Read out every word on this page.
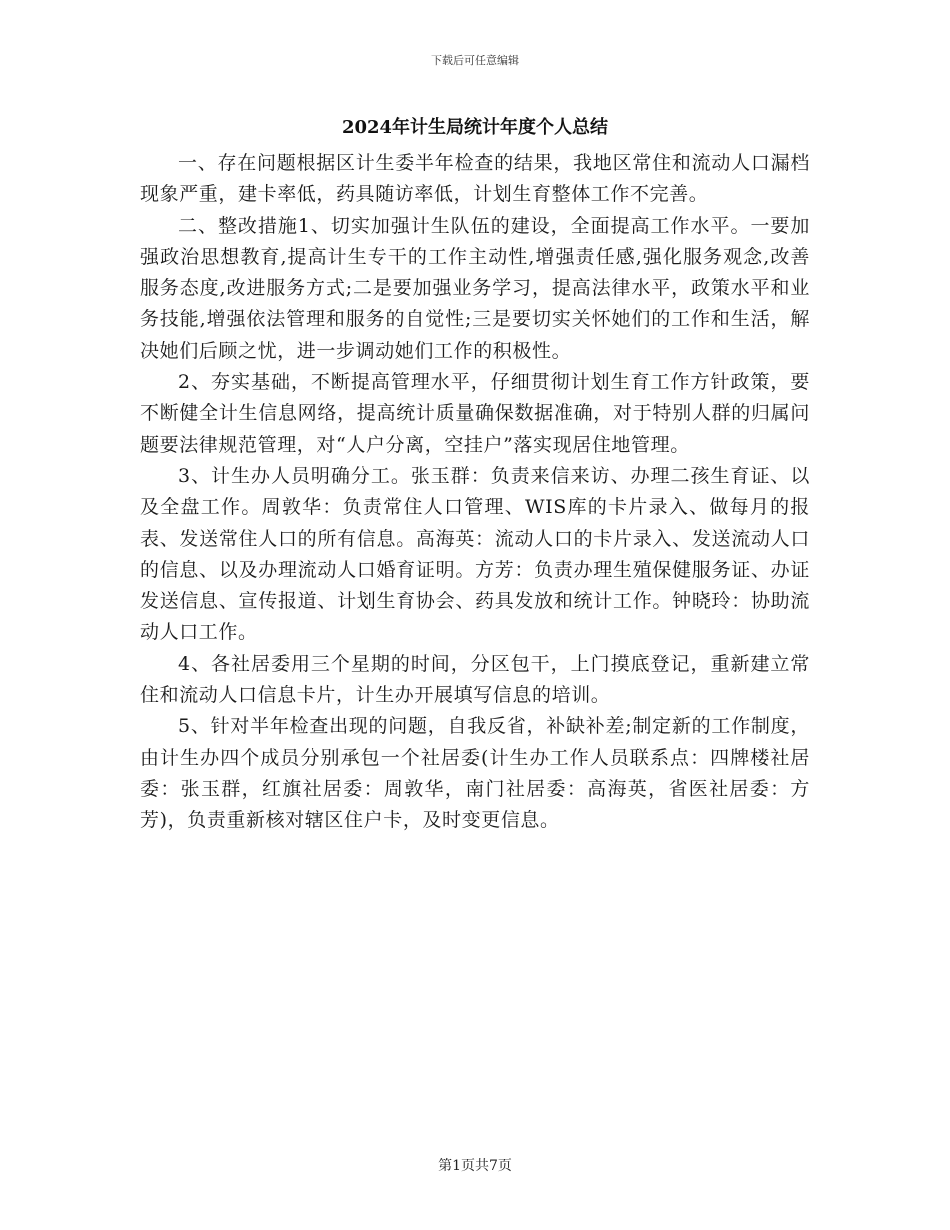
下载后可任意编辑
2024年计生局统计年度个人总结

一、存在问题根据区计生委半年检查的结果，我地区常住和流动人口漏档现象严重，建卡率低，药具随访率低，计划生育整体工作不完善。

二、整改措施1、切实加强计生队伍的建设，全面提高工作水平。一要加强政治思想教育,提高计生专干的工作主动性,增强责任感,强化服务观念,改善服务态度,改进服务方式;二是要加强业务学习，提高法律水平，政策水平和业务技能,增强依法管理和服务的自觉性;三是要切实关怀她们的工作和生活，解决她们后顾之忧，进一步调动她们工作的积极性。

2、夯实基础，不断提高管理水平，仔细贯彻计划生育工作方针政策，要不断健全计生信息网络，提高统计质量确保数据准确，对于特别人群的归属问题要法律规范管理，对“人户分离，空挂户”落实现居住地管理。

3、计生办人员明确分工。张玉群：负责来信来访、办理二孩生育证、以及全盘工作。周敦华：负责常住人口管理、WIS库的卡片录入、做每月的报表、发送常住人口的所有信息。高海英：流动人口的卡片录入、发送流动人口的信息、以及办理流动人口婚育证明。方芳：负责办理生殖保健服务证、办证发送信息、宣传报道、计划生育协会、药具发放和统计工作。钟晓玲：协助流动人口工作。

4、各社居委用三个星期的时间，分区包干，上门摸底登记，重新建立常住和流动人口信息卡片，计生办开展填写信息的培训。

5、针对半年检查出现的问题，自我反省，补缺补差;制定新的工作制度，由计生办四个成员分别承包一个社居委(计生办工作人员联系点：四牌楼社居委：张玉群，红旗社居委：周敦华，南门社居委：高海英，省医社居委：方芳)，负责重新核对辖区住户卡，及时变更信息。

第1页共7页
